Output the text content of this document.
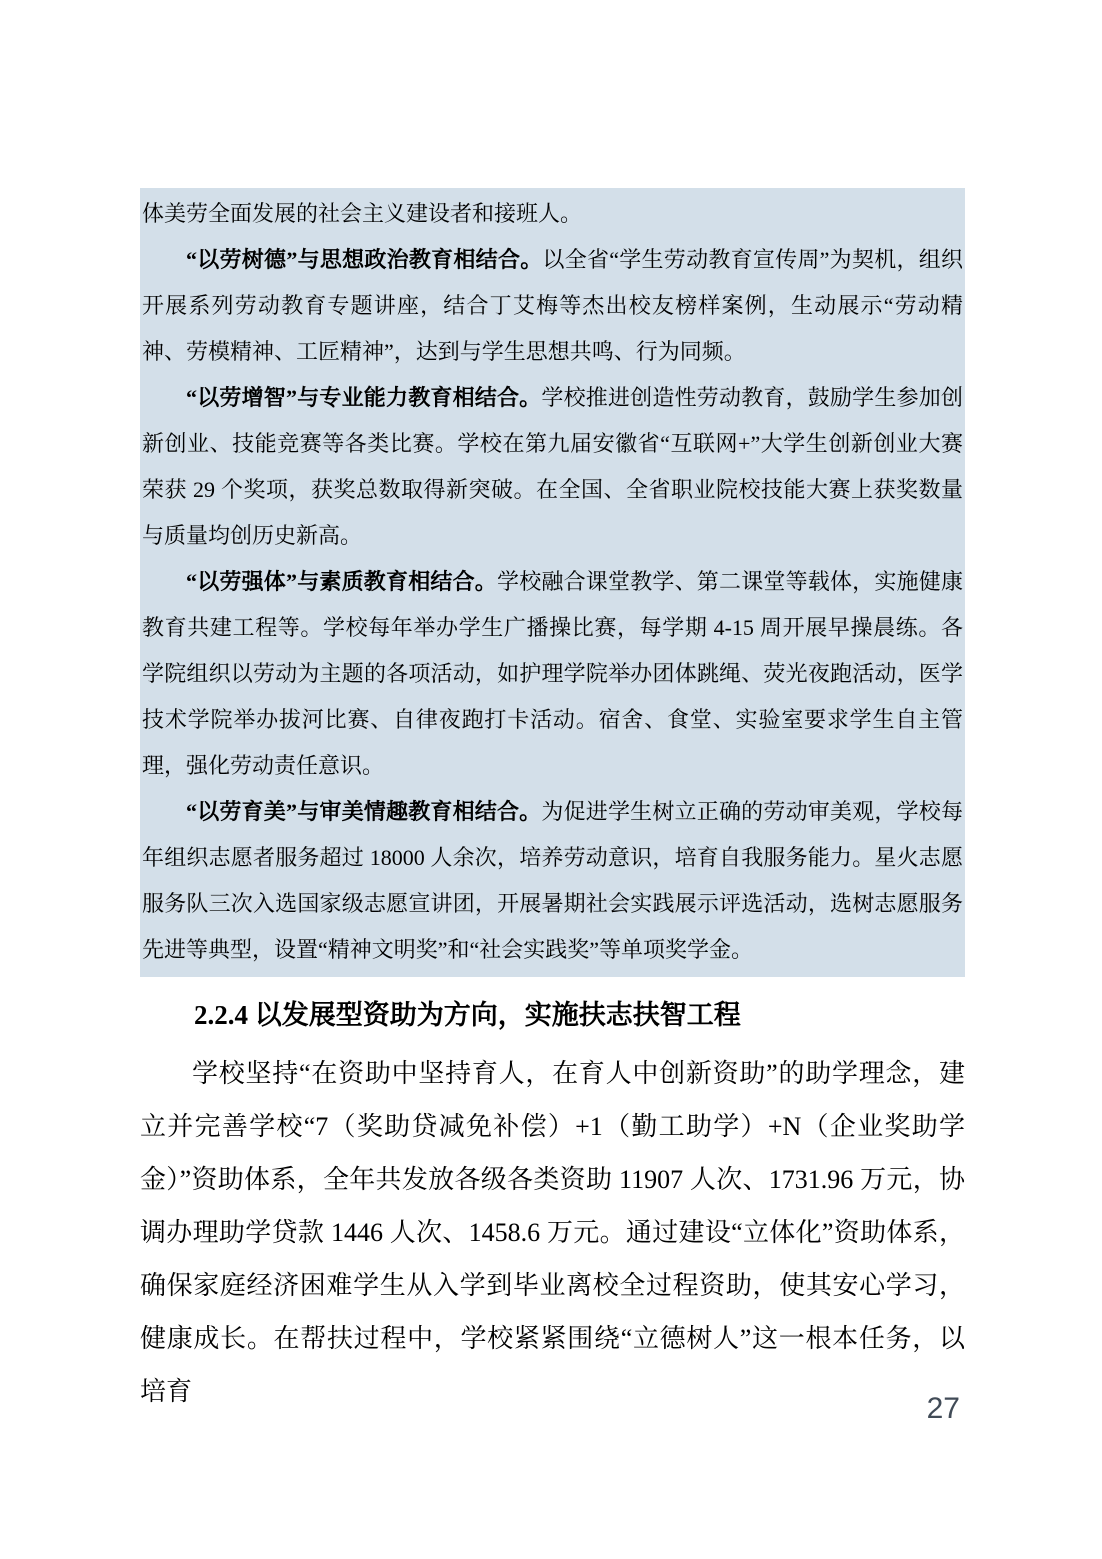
体美劳全面发展的社会主义建设者和接班人。

“以劳树德”与思想政治教育相结合。以全省“学生劳动教育宣传周”为契机，组织开展系列劳动教育专题讲座，结合丁艾梅等杰出校友榜样案例，生动展示“劳动精神、劳模精神、工匠精神”，达到与学生思想共鸣、行为同频。

“以劳增智”与专业能力教育相结合。学校推进创造性劳动教育，鼓励学生参加创新创业、技能竞赛等各类比赛。学校在第九届安徽省“互联网+”大学生创新创业大赛荣获 29 个奖项，获奖总数取得新突破。在全国、全省职业院校技能大赛上获奖数量与质量均创历史新高。

“以劳强体”与素质教育相结合。学校融合课堂教学、第二课堂等载体，实施健康教育共建工程等。学校每年举办学生广播操比赛，每学期 4-15 周开展早操晨练。各学院组织以劳动为主题的各项活动，如护理学院举办团体跳绳、荧光夜跑活动，医学技术学院举办拔河比赛、自律夜跑打卡活动。宿舍、食堂、实验室要求学生自主管理，强化劳动责任意识。

“以劳育美”与审美情趣教育相结合。为促进学生树立正确的劳动审美观，学校每年组织志愿者服务超过 18000 人余次，培养劳动意识，培育自我服务能力。星火志愿服务队三次入选国家级志愿宣讲团，开展暑期社会实践展示评选活动，选树志愿服务先进等典型，设置“精神文明奖”和“社会实践奖”等单项奖学金。

2.2.4 以发展型资助为方向，实施扶志扶智工程

学校坚持“在资助中坚持育人，在育人中创新资助”的助学理念，建立并完善学校“7（奖助贷减免补偿）+1（勤工助学）+N（企业奖助学金）”资助体系，全年共发放各级各类资助 11907 人次、1731.96 万元，协调办理助学贷款 1446 人次、1458.6 万元。通过建设“立体化”资助体系，确保家庭经济困难学生从入学到毕业离校全过程资助，使其安心学习，健康成长。在帮扶过程中，学校紧紧围绕“立德树人”这一根本任务，以培育

27
